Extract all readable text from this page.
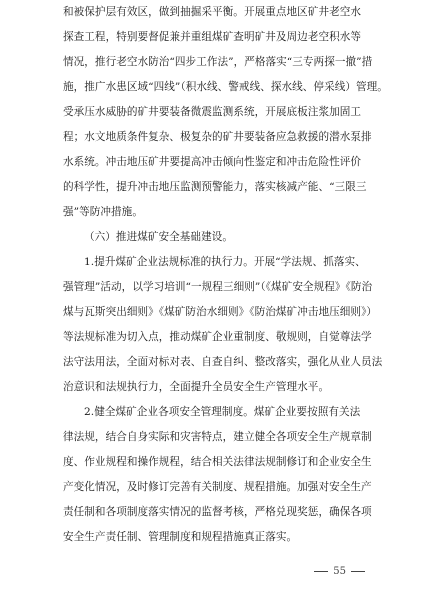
和被保护层有效区，做到抽掘采平衡。开展重点地区矿井老空水
探查工程，特别要督促兼并重组煤矿查明矿井及周边老空积水等
情况，推行老空水防治“四步工作法”，严格落实“三专两探一撤”措
施，推广水患区域“四线”（积水线、警戒线、探水线、停采线）管理。
受承压水威胁的矿井要装备微震监测系统，开展底板注浆加固工
程；水文地质条件复杂、极复杂的矿井要装备应急救援的潜水泵排
水系统。冲击地压矿井要提高冲击倾向性鉴定和冲击危险性评价
的科学性，提升冲击地压监测预警能力，落实核减产能、“三限三
强”等防冲措施。
（六）推进煤矿安全基础建设。
1.提升煤矿企业法规标准的执行力。开展“学法规、抓落实、
强管理”活动，以学习培训“一规程三细则”（《煤矿安全规程》《防治
煤与瓦斯突出细则》《煤矿防治水细则》《防治煤矿冲击地压细则》）
等法规标准为切入点，推动煤矿企业重制度、敬规则，自觉尊法学
法守法用法，全面对标对表、自查自纠、整改落实，强化从业人员法
治意识和法规执行力，全面提升全员安全生产管理水平。
2.健全煤矿企业各项安全管理制度。煤矿企业要按照有关法
律法规，结合自身实际和灾害特点，建立健全各项安全生产规章制
度、作业规程和操作规程，结合相关法律法规制修订和企业安全生
产变化情况，及时修订完善有关制度、规程措施。加强对安全生产
责任制和各项制度落实情况的监督考核，严格兑现奖惩，确保各项
安全生产责任制、管理制度和规程措施真正落实。
55
